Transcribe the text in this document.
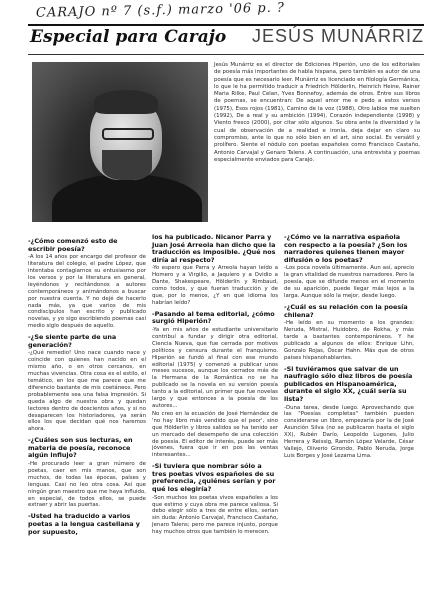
CARAJO nº 7 (s.f.) marzo '06 p. ?
Especial para Carajo JESÚS MUNÁRRIZ
Jesús Munárriz es el director de Ediciones Hiperión, uno de los editoriales de poesía más importantes de habla hispana, pero también es autor de una poesía que es necesario leer. Munárriz es licenciado en filología Germánica, lo que le ha permitido traducir a Friedrich Hölderlin, Heinrich Heine, Rainer Maria Rilke, Paul Celan, Yves Bonnefoy, además de otros. Entre sus libros de poemas, se encuentran: De aquel amor me e pedo a estos versos (1975), Esos rojos (1981), Camino de la voz (1988), Otro labios me suelten (1992), De a real y su ambición (1994), Corazón independiente (1998) y Viento fresco (2000), por citar sólo algunos. Su obra ante la diversidad y la cual de observación de a realidad e ironía, deja dejar en claro su compromiso, ante lo que no sólo bien en el art, sino social. Es versátil y prolífero. Siente el nódulo con poetas españoles como Francisco Castaño, Antonio Carvajal y Genaro Talens. A continuación, una entrevista y poemas especialmente enviados para Carajo.
-¿Cómo comenzó esto de escribir poesía?
-A los 14 años por encargo del profesor de literatura del colegio, el padre López, que intentaba contagiarnos su entusiasmo por los versos y por la literatura en general, leyéndonos y recitándonos a autores contemporáneos y animándonos a buscar por nuestra cuenta. Y no dejé de hacerlo nada más, ya que varios de mis condiscípulos han escrito y publicado novelas, y yo sigo escribiendo poemas casi medio siglo después de aquello.
-¿Se siente parte de una generación?
-¿Qué remedio! Uno nace cuando nace y coincide con quienes han nacido en el mismo año, o en otros cercanos, en muchas vivencias. Otra cosa es el estilo, el temático, en los que me parece que me diferencio bastante de mis coetáneos. Pero probablemente sea una falsa impresión. Si queda algo de nuestra obra y quedan lectores dentro de doscientos años, y si no desaparecen los historiadores, ya serán ellos los que decidan qué nos haremos ahora.
-¿Cuáles son sus lecturas, en materia de poesía, reconoce algún influjo?
-He procurado leer a gran número de poetas, caer en mis manos, que son muchos, de todas las épocas, países y lenguas. Casi no leo otra cosa. Así que ningún gran maestro que me haya influido, en especial, de todos ellos, se puede extraer y abrir las puertas.
-Usted ha traducido a varios poetas a la lengua castellana y por supuesto,
los ha publicado. Nicanor Parra y Juan José Arreola han dicho que la traducción es imposible. ¿Qué nos diría al respecto?
-Yo espero que Parra y Arreola hayan leído a Homero y a Virgilio, a Jaquíero y a Ovidio a Dante, Shakespeare, Hölderlin y Rimbaud, como todos, y que fueran traducción y de que, por lo menos, ¿Y en qué idioma los habrían leído?
-Pasando al tema editorial, ¿cómo surgió Hiperión?
-Ya en mis años de estudiante universitario contribuí a fundar y dirigir otra editorial, Ciencia Nueva, que fue cerrada por motivos políticos y censura durante el franquismo. Hiperión se fundó al final con ese mundo editorial (1975) y comenzó a publicar unos meses sucesos, aunque los cerrados más de la Hermana de la Romántica no se ha publicado se la novela en su versión poesía tanto a la editorial, un primer que fue novelas largo y que entonces a la poesía de los autores...
No creo en la ecuación de José Hernández de 'no hay libro más vendido que el peor', sino que Hölderlin y libros salidos se ha tenido ser un mercado del desempeño de una colección de poesía. El editor de interés, puede ser más jóvenes, fuera que ir en pos las ventas interesantes...
-Si tuviera que nombrar sólo a tres poetas vivos españoles de su preferencia, ¿quiénes serían y por qué los elegiría?
-Son muchos los poetas vivos españoles a los que estimo y cuya obra me parece valiosa. Si debo elegir sólo a tres de entre ellos, serían sin duda: Antonio Carvajal, Francisco Castaño, Jenaro Talens; pero me parece injusto, porque hay muchos otros que también lo merecen.
-¿Cómo ve la narrativa española con respecto a la poesía? ¿Son los narradores quienes tienen mayor difusión o los poetas?
-Los poca novela últimamente. Aun así, aprecio la gran vitalidad de nuestros narradores. Pero la poesía, que se difunde menos en el momento de su aparición, puede llegar más lejos a la larga. Aunque sólo la mejor, desde luego.
-¿Cuál es su relación con la poesía chilena?
-He leído en su momento a los grandes: Neruda, Mistral, Huidobro, de Rokha, y más tarde a bastantes contemporáneos. Y he publicado a algunos de ellos: Enrique Lihn, Gonzalo Rojas, Óscar Hahn. Más que de otros países hispanohablantes.
-Si tuviéramos que salvar de un naufragio sólo diez libros de poesía publicados en Hispanoamérica, durante el siglo XX, ¿cuál sería su lista?
-Duna tarea, desde luego. Aprovechando que las "Poesías completas" también pueden considerarse un libro, empezaría por la de José Asunción Silva (no se publicaron hasta el siglo XX), Rubén Darío, Leopoldo Lugones, Julio Herrera y Reissig, Ramón López Velarde, César Vallejo, Oliverio Girondo, Pablo Neruda, Jorge Luis Borges y José Lezama Lima.
